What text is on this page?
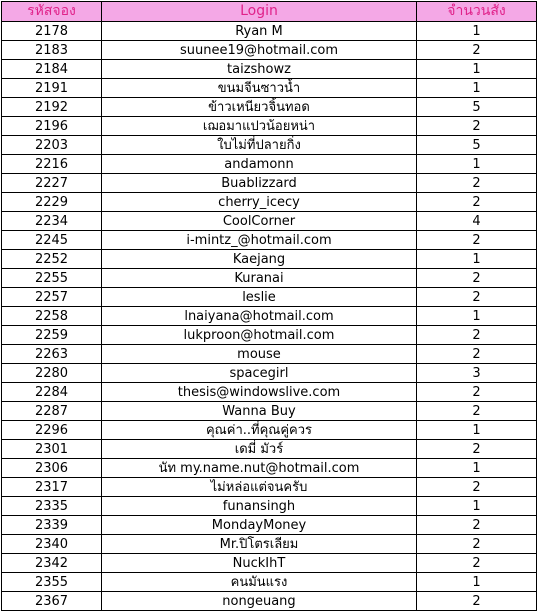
รหัสจอง	Login	จำนวนสั่ง
2178	Ryan M	1
2183	suunee19@hotmail.com	2
2184	taizshowz	1
2191	ขนมจีนซาวน้ำ	1
2192	ข้าวเหนียวจิ้นทอด	5
2196	เฌอมาแปวน้อยหน่า	2
2203	ใบไม่ที่ปลายกิ่ง	5
2216	andamonn	1
2227	Buablizzard	2
2229	cherry_icecy	2
2234	CoolCorner	4
2245	i-mintz_@hotmail.com	2
2252	Kaejang	1
2255	Kuranai	2
2257	leslie	2
2258	lnaiyana@hotmail.com	1
2259	lukproon@hotmail.com	2
2263	mouse	2
2280	spacegirl	3
2284	thesis@windowslive.com	2
2287	Wanna Buy	2
2296	คุณค่า..ที่คุณคู่ควร	1
2301	เดมี่ มัวร์	2
2306	นัท my.name.nut@hotmail.com	1
2317	ไม่หล่อแต่จนครับ	2
2335	funansingh	1
2339	MondayMoney	2
2340	Mr.ปิโตรเลียม	2
2342	NuckIhT	2
2355	คนมันแรง	1
2367	nongeuang	2
